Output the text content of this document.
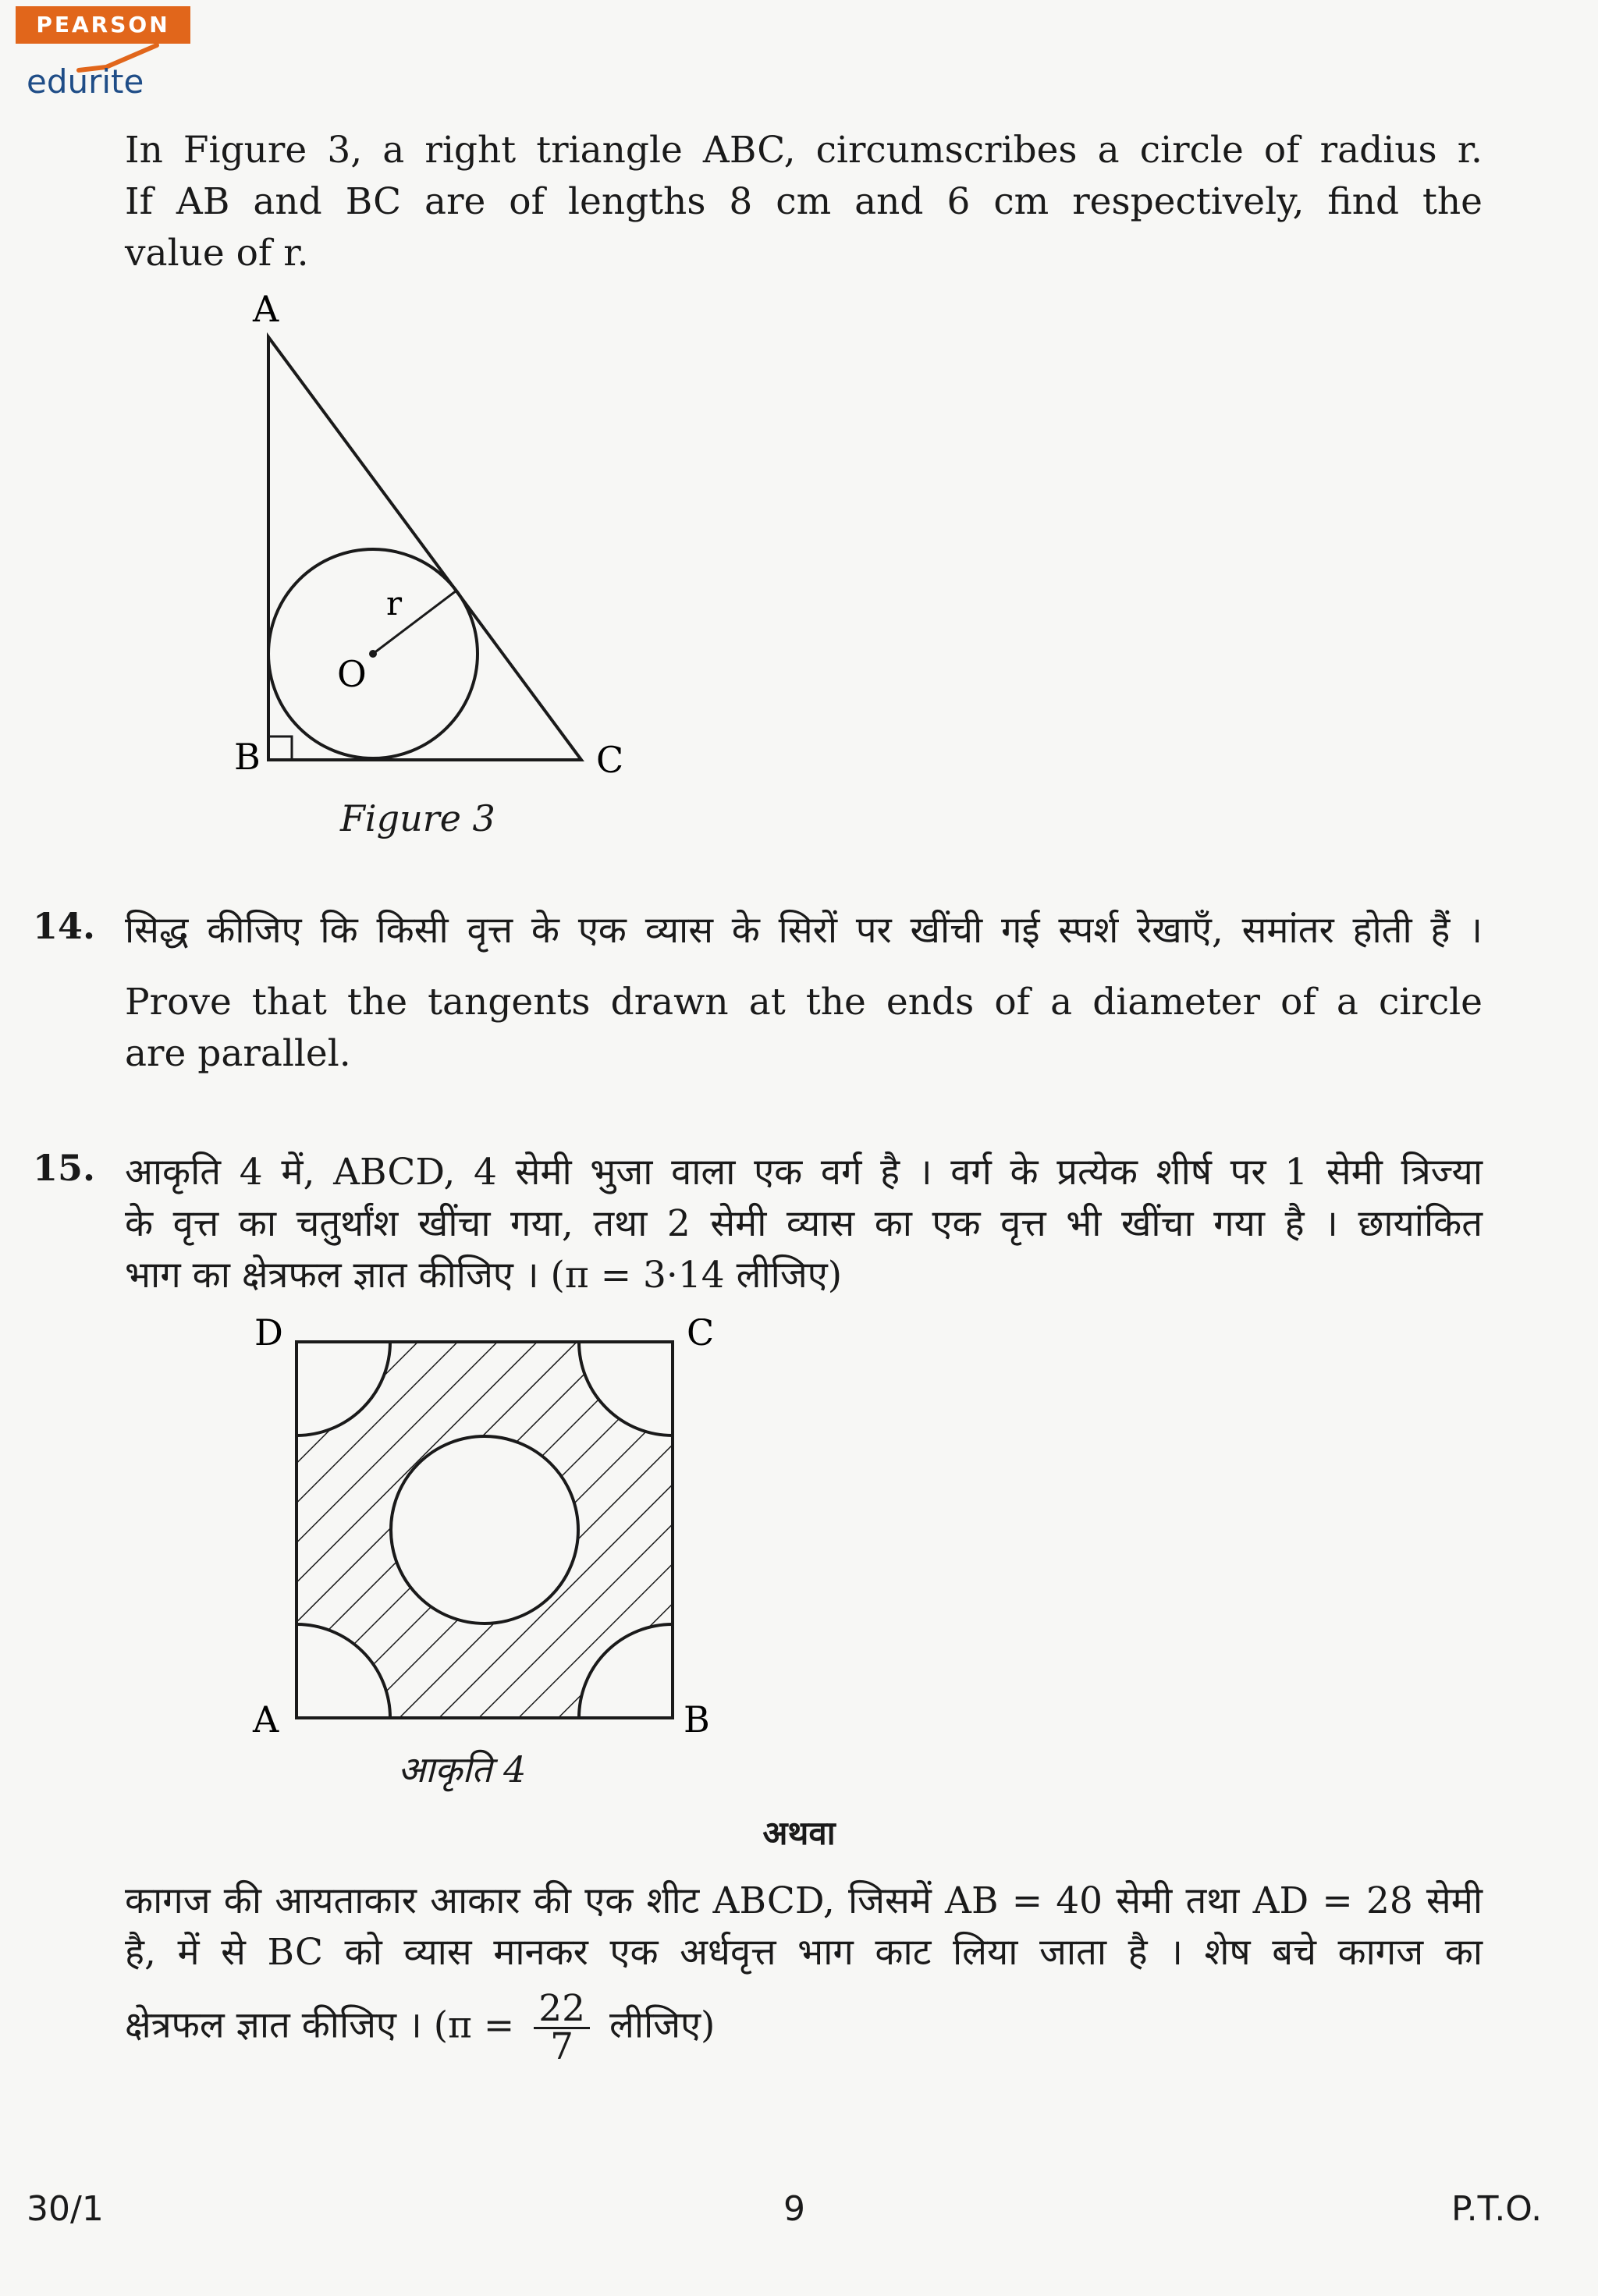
PEARSON
edurite
In Figure 3, a right triangle ABC, circumscribes a circle of radius r.
If AB and BC are of lengths 8 cm and 6 cm respectively, find the
value of r.
A
B	C
O
r
Figure 3
14. सिद्ध कीजिए कि किसी वृत्त के एक व्यास के सिरों पर खींची गई स्पर्श रेखाएँ, समांतर होती हैं ।
Prove that the tangents drawn at the ends of a diameter of a circle
are parallel.
15. आकृति 4 में, ABCD, 4 सेमी भुजा वाला एक वर्ग है । वर्ग के प्रत्येक शीर्ष पर 1 सेमी त्रिज्या
के वृत्त का चतुर्थांश खींचा गया, तथा 2 सेमी व्यास का एक वृत्त भी खींचा गया है । छायांकित
भाग का क्षेत्रफल ज्ञात कीजिए । (π = 3·14 लीजिए)
D	C
A	B
आकृति 4
अथवा
कागज की आयताकार आकार की एक शीट ABCD, जिसमें AB = 40 सेमी तथा AD = 28 सेमी
है, में से BC को व्यास मानकर एक अर्धवृत्त भाग काट लिया जाता है । शेष बचे कागज का
क्षेत्रफल ज्ञात कीजिए । ($\pi = \frac{22}{7}$ लीजिए)
30/1	9	P.T.O.
